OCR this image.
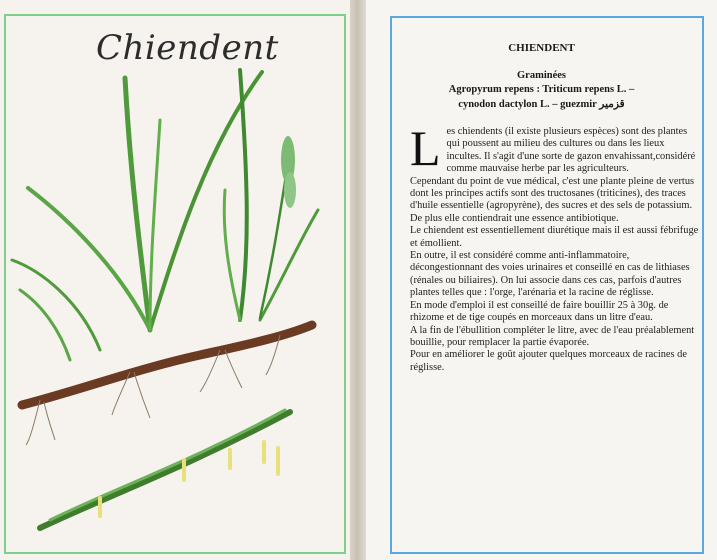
Chiendent	CHIENDENT
Graminées
Agropyrum repens : Triticum repens L. –
cynodon dactylon L. – guezmir قزمير
L es chiendents (il existe plusieurs espèces) sont des plantes qui poussent au milieu des cultures ou dans les lieux incultes. Il s'agit d'une sorte de gazon envahissant,considéré comme mauvaise herbe par les agriculteurs.

Cependant du point de vue médical, c'est une plante pleine de vertus dont les principes actifs sont des tructosanes (triticines), des traces d'huile essentielle (agropyrène), des sucres et des sels de potassium. De plus elle contiendrait une essence antibiotique.

Le chiendent est essentiellement diurétique mais il est aussi fébrifuge et émollient.

En outre, il est considéré comme anti-inflammatoire, décongestionnant des voies urinaires et conseillé en cas de lithiases (rénales ou biliaires). On lui associe dans ces cas, parfois d'autres plantes telles que : l'orge, l'arénaria et la racine de réglisse.

En mode d'emploi il est conseillé de faire bouillir 25 à 30g. de rhizome et de tige coupés en morceaux dans un litre d'eau.

A la fin de l'ébullition compléter le litre, avec de l'eau préalablement bouillie, pour remplacer la partie évaporée.

Pour en améliorer le goût ajouter quelques morceaux de racines de réglisse.
